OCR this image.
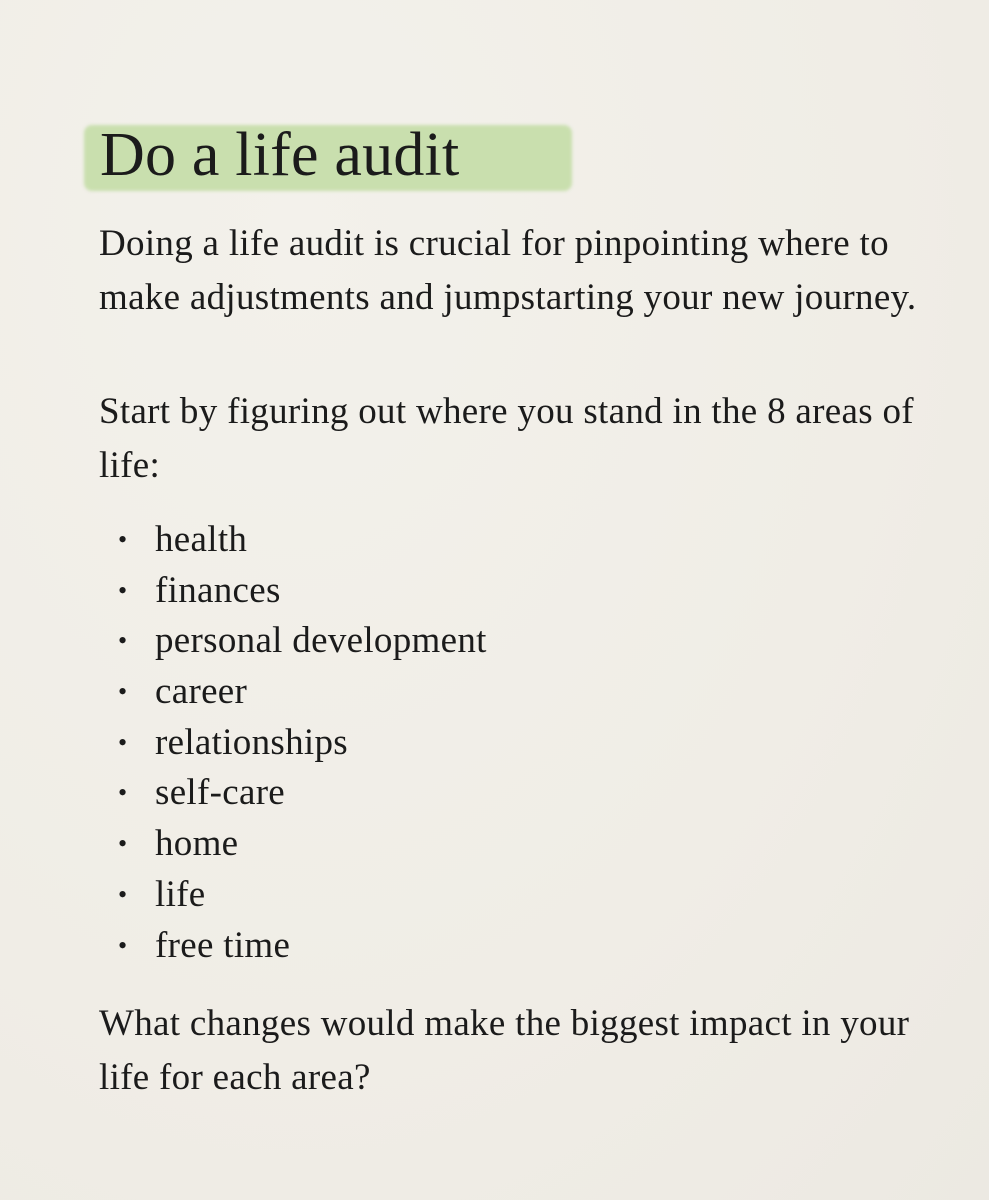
Do a life audit

Doing a life audit is crucial for pinpointing where to make adjustments and jumpstarting your new journey.

Start by figuring out where you stand in the 8 areas of life:

• health
• finances
• personal development
• career
• relationships
• self-care
• home
• life
• free time

What changes would make the biggest impact in your life for each area?
